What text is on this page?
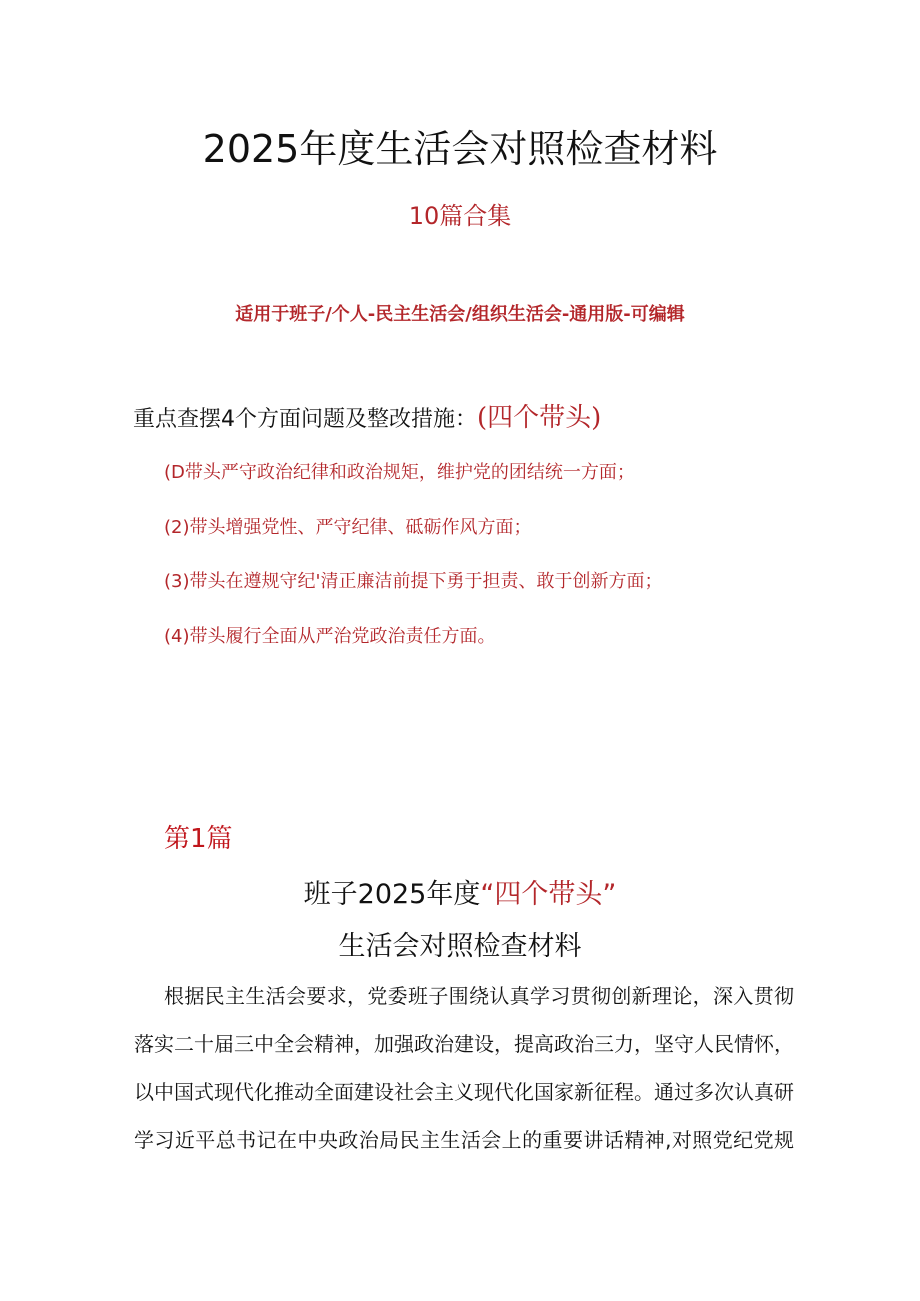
2025年度生活会对照检查材料
10篇合集
适用于班子/个人-民主生活会/组织生活会-通用版-可编辑
重点查摆4个方面问题及整改措施：(四个带头)
(D带头严守政治纪律和政治规矩，维护党的团结统一方面；
(2)带头增强党性、严守纪律、砥砺作风方面；
(3)带头在遵规守纪'清正廉洁前提下勇于担责、敢于创新方面；
(4)带头履行全面从严治党政治责任方面。
第1篇
班子2025年度“四个带头”
生活会对照检查材料
根据民主生活会要求，党委班子围绕认真学习贯彻创新理论，深入贯彻
落实二十届三中全会精神，加强政治建设，提高政治三力，坚守人民情怀，
以中国式现代化推动全面建设社会主义现代化国家新征程。通过多次认真研
学习近平总书记在中央政治局民主生活会上的重要讲话精神,对照党纪党规
